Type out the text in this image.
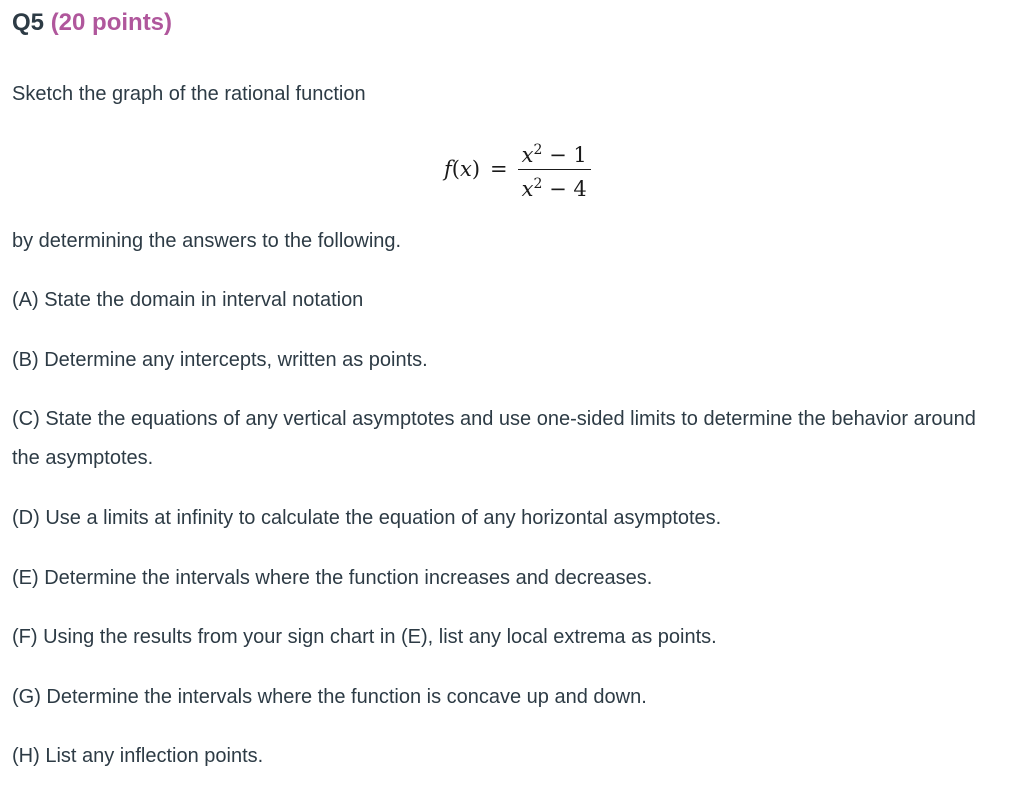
Q5 (20 points)
Sketch the graph of the rational function
$f(x) = \frac{x^2 - 1}{x^2 - 4}$
by determining the answers to the following.
(A) State the domain in interval notation
(B) Determine any intercepts, written as points.
(C) State the equations of any vertical asymptotes and use one-sided limits to determine the behavior around the asymptotes.
(D) Use a limits at infinity to calculate the equation of any horizontal asymptotes.
(E) Determine the intervals where the function increases and decreases.
(F) Using the results from your sign chart in (E), list any local extrema as points.
(G) Determine the intervals where the function is concave up and down.
(H) List any inflection points.
